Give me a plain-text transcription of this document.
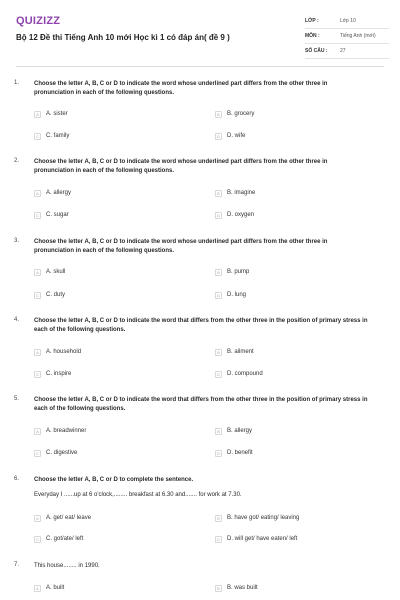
QUIZIZZ
Bộ 12 Đề thi Tiếng Anh 10 mới Học kì 1 có đáp án( đề 9 )
LỚP :	Lớp 10
MÔN :	Tiếng Anh (mới)
SỐ CÂU :	27
1. Choose the letter A, B, C or D to indicate the word whose underlined part differs from the other three in pronunciation in each of the following questions.
A	A. sister	B	B. grocery
C	C. family	D	D. wife
2. Choose the letter A, B, C or D to indicate the word whose underlined part differs from the other three in pronunciation in each of the following questions.
A	A. allergy	B	B. imagine
C	C. sugar	D	D. oxygen
3. Choose the letter A, B, C or D to indicate the word whose underlined part differs from the other three in pronunciation in each of the following questions.
A	A. skull	B	B. pump
C	C. duty	D	D. lung
4. Choose the letter A, B, C or D to indicate the word that differs from the other three in the position of primary stress in each of the following questions.
A	A. household	B	B. ailment
C	C. inspire	D	D. compound
5. Choose the letter A, B, C or D to indicate the word that differs from the other three in the position of primary stress in each of the following questions.
A	A. breadwinner	B	B. allergy
C	C. digestive	D	D. benefit
6. Choose the letter A, B, C or D to complete the sentence.
Everyday I ......up at 6 o'clock,........ breakfast at 6.30 and....... for work at 7.30.
A	A. get/ eat/ leave	B	B. have got/ eating/ leaving
C	C. got/ate/ left	D	D. will get/ have eaten/ left
7. This house........ in 1990.
A	A. built	B	B. was built
